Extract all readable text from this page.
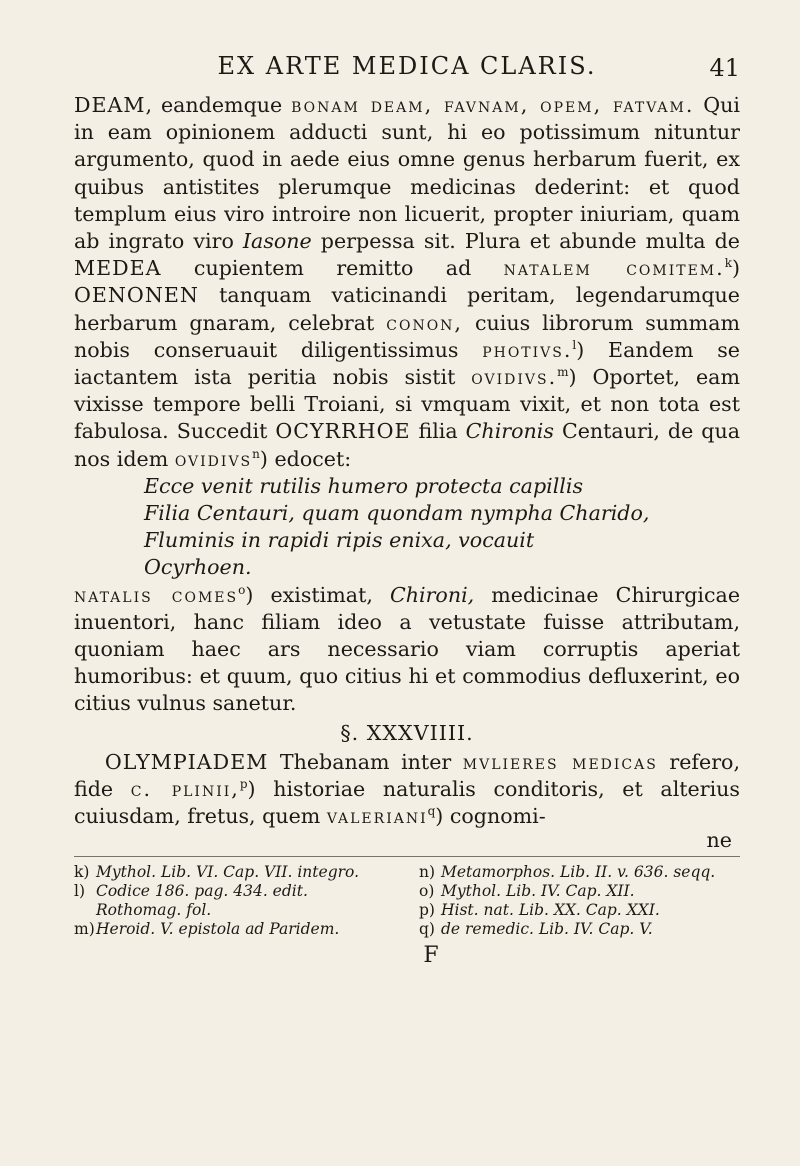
EX ARTE MEDICA CLARIS.	41

DEAM, eandemque bonam deam, favnam, opem, fatvam. Qui in eam opinionem adducti sunt, hi eo potissimum nituntur argumento, quod in aede eius omne genus herbarum fuerit, ex quibus antistites plerumque medicinas dederint: et quod templum eius viro introire non licuerit, propter iniuriam, quam ab ingrato viro Iasone perpessa sit. Plura et abunde multa de MEDEA cupientem remitto ad natalem comitem.$^k$) OENONEN tanquam vaticinandi peritam, legendarumque herbarum gnaram, celebrat conon, cuius librorum summam nobis conseruauit diligentissimus photivs.$^l$) Eandem se iactantem ista peritia nobis sistit ovidivs.$^m$) Oportet, eam vixisse tempore belli Troiani, si vmquam vixit, et non tota est fabulosa. Succedit OCYRRHOE filia Chironis Centauri, de qua nos idem ovidivs$^n$) edocet:

Ecce venit rutilis humero protecta capillis
Filia Centauri, quam quondam nympha Charido,
Fluminis in rapidi ripis enixa, vocauit
Ocyrhoen.

natalis comes$^o$) existimat, Chironi, medicinae Chirurgicae inuentori, hanc filiam ideo a vetustate fuisse attributam, quoniam haec ars necessario viam corruptis aperiat humoribus: et quum, quo citius hi et commodius defluxerint, eo citius vulnus sanetur.

§. XXXVIIII.

OLYMPIADEM Thebanam inter mvlieres medicas refero, fide c. plinii,$^p$) historiae naturalis conditoris, et alterius cuiusdam, fretus, quem valeriani$^q$) cognomi-

ne

k) Mythol. Lib. VI. Cap. VII. integro.
l) Codice 186. pag. 434. edit. Rothomag. fol.
m) Heroid. V. epistola ad Paridem.
n) Metamorphos. Lib. II. v. 636. seqq.
o) Mythol. Lib. IV. Cap. XII.
p) Hist. nat. Lib. XX. Cap. XXI.
q) de remedic. Lib. IV. Cap. V.
F
